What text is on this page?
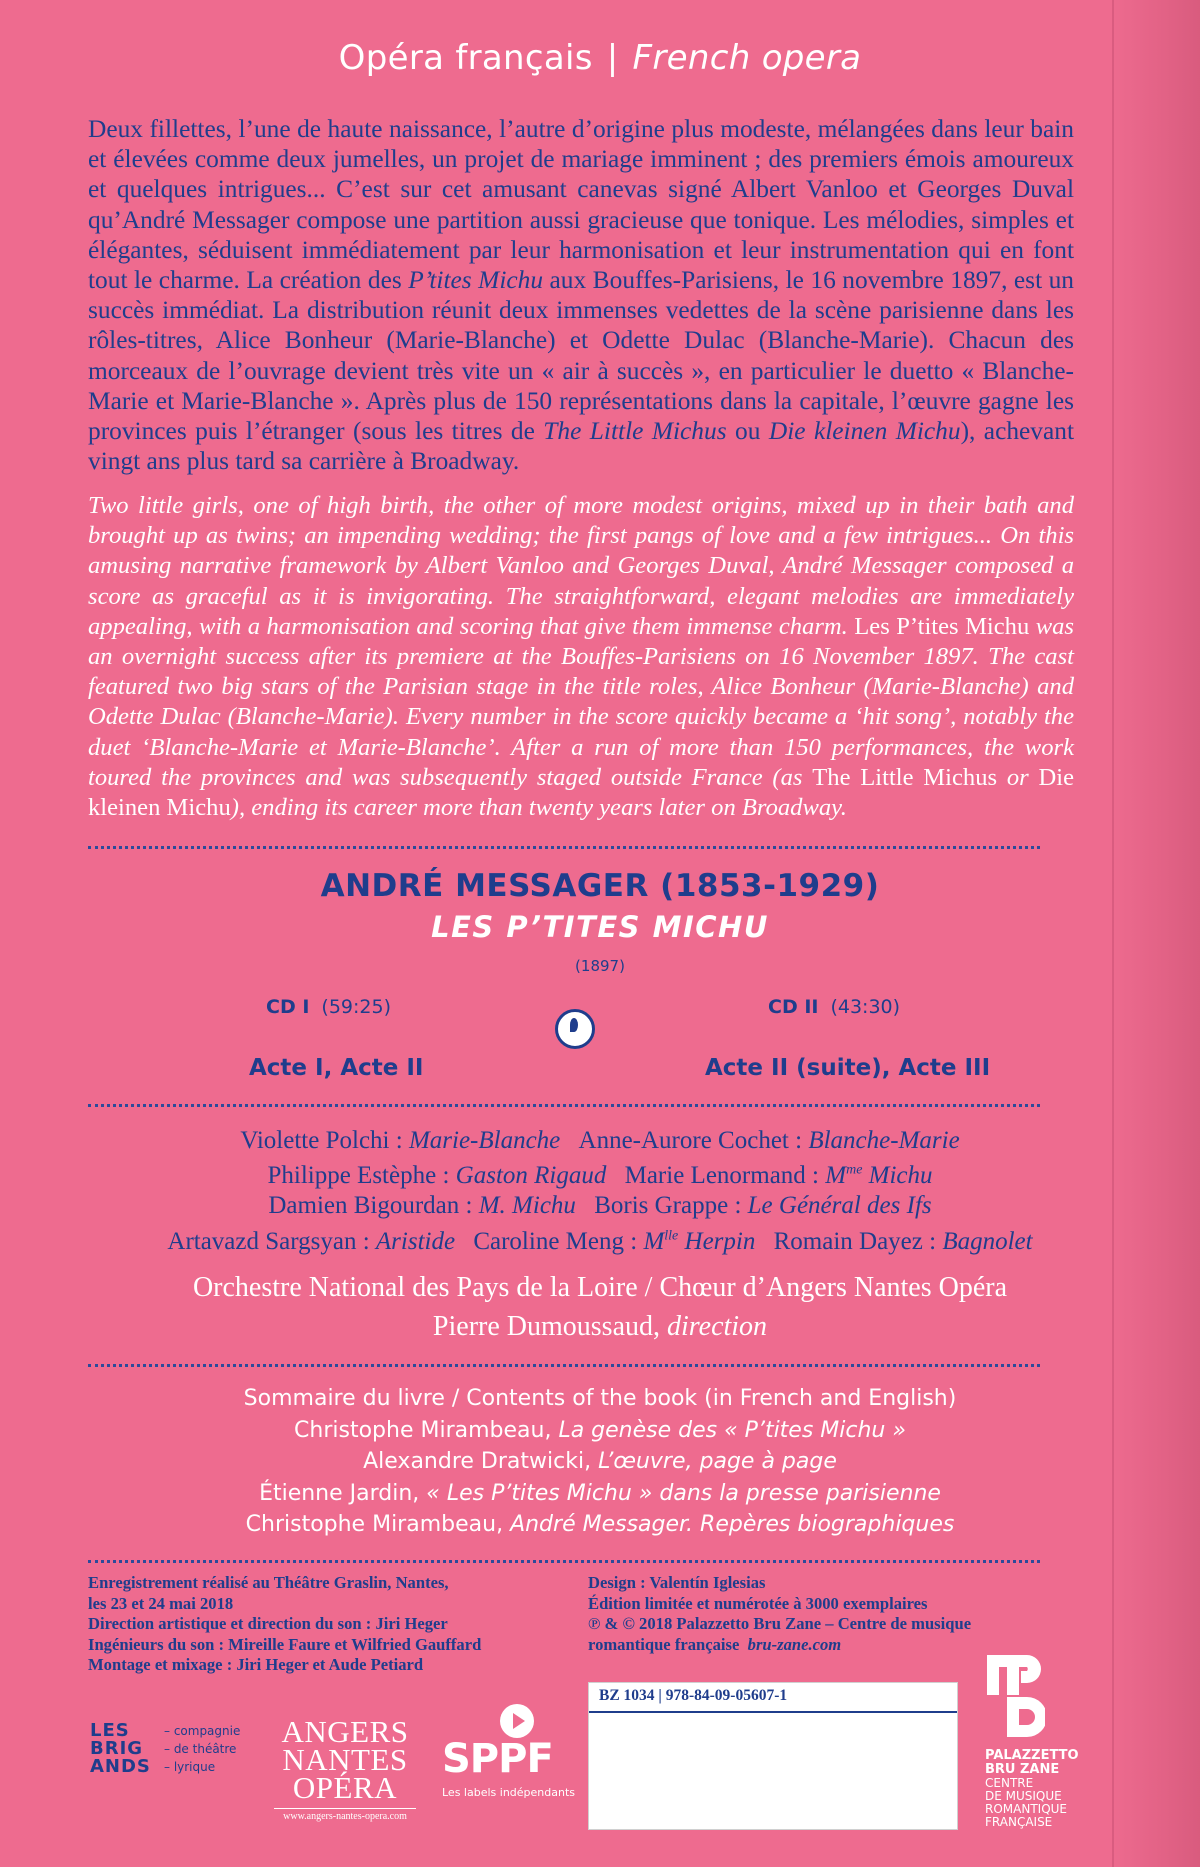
Opéra français | French opera
Deux fillettes, l’une de haute naissance, l’autre d’origine plus modeste, mélangées dans leur bain et élevées comme deux jumelles, un projet de mariage imminent ; des premiers émois amoureux et quelques intrigues... C’est sur cet amusant canevas signé Albert Vanloo et Georges Duval qu’André Messager compose une partition aussi gracieuse que tonique. Les mélodies, simples et élégantes, séduisent immédiatement par leur harmonisation et leur instrumentation qui en font tout le charme. La création des P’tites Michu aux Bouffes-Parisiens, le 16 novembre 1897, est un succès immédiat. La distribution réunit deux immenses vedettes de la scène parisienne dans les rôles-titres, Alice Bonheur (Marie-Blanche) et Odette Dulac (Blanche-Marie). Chacun des morceaux de l’ouvrage devient très vite un « air à succès », en particulier le duetto « Blanche-Marie et Marie-Blanche ». Après plus de 150 représentations dans la capitale, l’œuvre gagne les provinces puis l’étranger (sous les titres de The Little Michus ou Die kleinen Michu), achevant vingt ans plus tard sa carrière à Broadway.
Two little girls, one of high birth, the other of more modest origins, mixed up in their bath and brought up as twins; an impending wedding; the first pangs of love and a few intrigues... On this amusing narrative framework by Albert Vanloo and Georges Duval, André Messager composed a score as graceful as it is invigorating. The straightforward, elegant melodies are immediately appealing, with a harmonisation and scoring that give them immense charm. Les P’tites Michu was an overnight success after its premiere at the Bouffes-Parisiens on 16 November 1897. The cast featured two big stars of the Parisian stage in the title roles, Alice Bonheur (Marie-Blanche) and Odette Dulac (Blanche-Marie). Every number in the score quickly became a ‘hit song’, notably the duet ‘Blanche-Marie et Marie-Blanche’. After a run of more than 150 performances, the work toured the provinces and was subsequently staged outside France (as The Little Michus or Die kleinen Michu), ending its career more than twenty years later on Broadway.
ANDRÉ MESSAGER (1853-1929)
LES P’TITES MICHU
(1897)
CD I (59:25)	CD II (43:30)
Acte I, Acte II	Acte II (suite), Acte III
Violette Polchi : Marie-Blanche Anne-Aurore Cochet : Blanche-Marie
Philippe Estèphe : Gaston Rigaud Marie Lenormand : $M^{me}$ Michu
Damien Bigourdan : M. Michu Boris Grappe : Le Général des Ifs
Artavazd Sargsyan : Aristide Caroline Meng : $M^{lle}$ Herpin Romain Dayez : Bagnolet
Orchestre National des Pays de la Loire / Chœur d’Angers Nantes Opéra
Pierre Dumoussaud, direction
Sommaire du livre / Contents of the book (in French and English)
Christophe Mirambeau, La genèse des « P’tites Michu »
Alexandre Dratwicki, L’œuvre, page à page
Étienne Jardin, « Les P’tites Michu » dans la presse parisienne
Christophe Mirambeau, André Messager. Repères biographiques
Enregistrement réalisé au Théâtre Graslin, Nantes,
les 23 et 24 mai 2018
Direction artistique et direction du son : Jiri Heger
Ingénieurs du son : Mireille Faure et Wilfried Gauffard
Montage et mixage : Jiri Heger et Aude Petiard
Design : Valentín Iglesias
Édition limitée et numérotée à 3000 exemplaires
℗ & © 2018 Palazzetto Bru Zane – Centre de musique
romantique française bru-zane.com
BZ 1034 | 978-84-09-05607-1
LES
BRIG
ANDS
– compagnie
– de théâtre
– lyrique
ANGERS
NANTES
OPÉRA
www.angers-nantes-opera.com
SPPF
Les labels indépendants
PALAZZETTO
BRU ZANE
CENTRE
DE MUSIQUE
ROMANTIQUE
FRANÇAISE
